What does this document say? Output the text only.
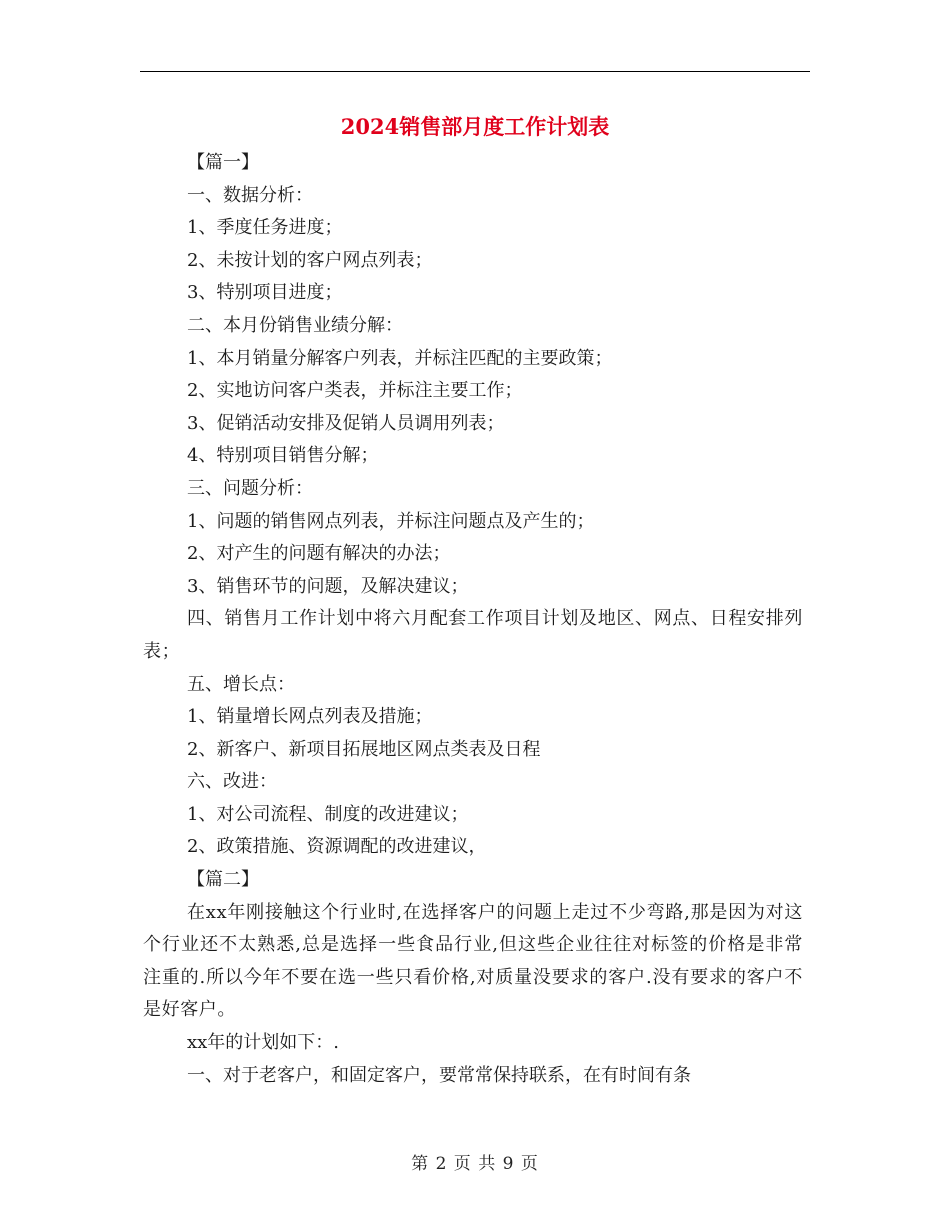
2024销售部月度工作计划表

【篇一】

一、数据分析：

1、季度任务进度；

2、未按计划的客户网点列表；

3、特别项目进度；

二、本月份销售业绩分解：

1、本月销量分解客户列表，并标注匹配的主要政策；

2、实地访问客户类表，并标注主要工作；

3、促销活动安排及促销人员调用列表；

4、特别项目销售分解；

三、问题分析：

1、问题的销售网点列表，并标注问题点及产生的；

2、对产生的问题有解决的办法；

3、销售环节的问题，及解决建议；

四、销售月工作计划中将六月配套工作项目计划及地区、网点、日程安排列表；

五、增长点：

1、销量增长网点列表及措施；

2、新客户、新项目拓展地区网点类表及日程

六、改进：

1、对公司流程、制度的改进建议；

2、政策措施、资源调配的改进建议，

【篇二】

在xx年刚接触这个行业时,在选择客户的问题上走过不少弯路,那是因为对这个行业还不太熟悉,总是选择一些食品行业,但这些企业往往对标签的价格是非常注重的.所以今年不要在选一些只看价格,对质量没要求的客户.没有要求的客户不是好客户。

xx年的计划如下：.

一、对于老客户，和固定客户，要常常保持联系，在有时间有条

第 2 页 共 9 页
